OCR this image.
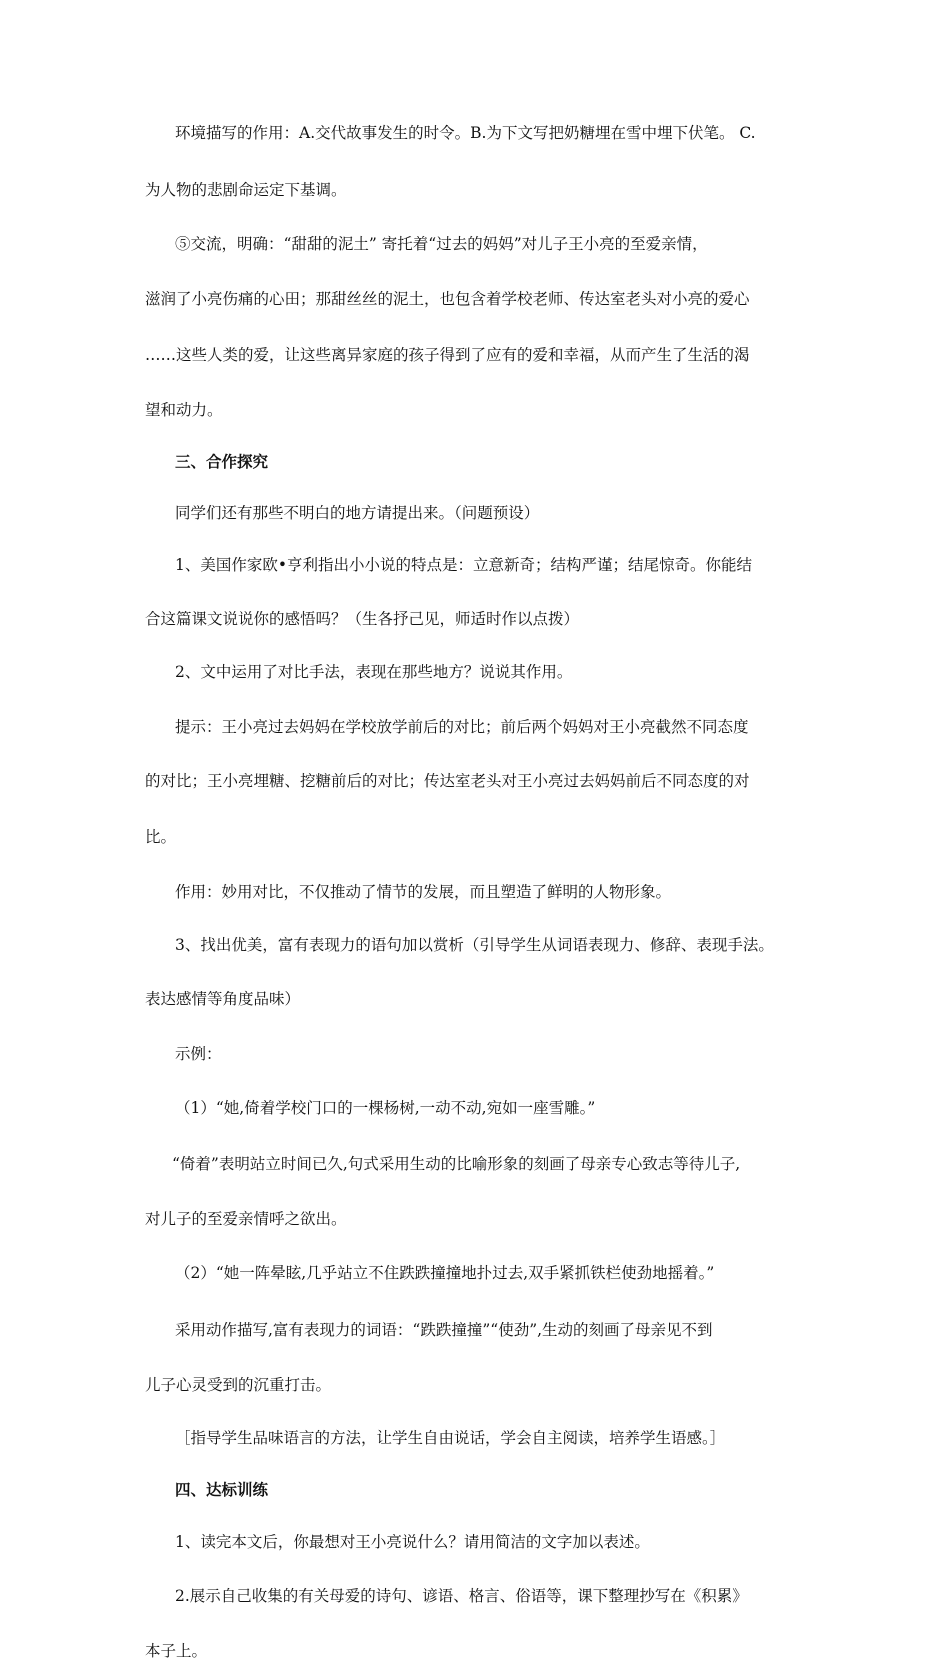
环境描写的作用：A.交代故事发生的时令。B.为下文写把奶糖埋在雪中埋下伏笔。 C.

为人物的悲剧命运定下基调。

⑤交流，明确：“甜甜的泥土” 寄托着“过去的妈妈”对儿子王小亮的至爱亲情，

滋润了小亮伤痛的心田；那甜丝丝的泥土，也包含着学校老师、传达室老头对小亮的爱心

……这些人类的爱，让这些离异家庭的孩子得到了应有的爱和幸福，从而产生了生活的渴

望和动力。

三、合作探究

同学们还有那些不明白的地方请提出来。（问题预设）

1、美国作家欧•亨利指出小小说的特点是：立意新奇；结构严谨；结尾惊奇。你能结

合这篇课文说说你的感悟吗？（生各抒己见，师适时作以点拨）

2、文中运用了对比手法，表现在那些地方？说说其作用。

提示：王小亮过去妈妈在学校放学前后的对比；前后两个妈妈对王小亮截然不同态度

的对比；王小亮埋糖、挖糖前后的对比；传达室老头对王小亮过去妈妈前后不同态度的对

比。

作用：妙用对比，不仅推动了情节的发展，而且塑造了鲜明的人物形象。

3、找出优美，富有表现力的语句加以赏析（引导学生从词语表现力、修辞、表现手法。

表达感情等角度品味）

示例：

（1）“她,倚着学校门口的一棵杨树,一动不动,宛如一座雪雕。”

“倚着”表明站立时间已久,句式采用生动的比喻形象的刻画了母亲专心致志等待儿子,

对儿子的至爱亲情呼之欲出。

（2）“她一阵晕眩,几乎站立不住跌跌撞撞地扑过去,双手紧抓铁栏使劲地摇着。”

采用动作描写,富有表现力的词语：“跌跌撞撞”“使劲”,生动的刻画了母亲见不到

儿子心灵受到的沉重打击。

［指导学生品味语言的方法，让学生自由说话，学会自主阅读，培养学生语感。］

四、达标训练

1、读完本文后，你最想对王小亮说什么？请用简洁的文字加以表述。

2.展示自己收集的有关母爱的诗句、谚语、格言、俗语等，课下整理抄写在《积累》

本子上。
